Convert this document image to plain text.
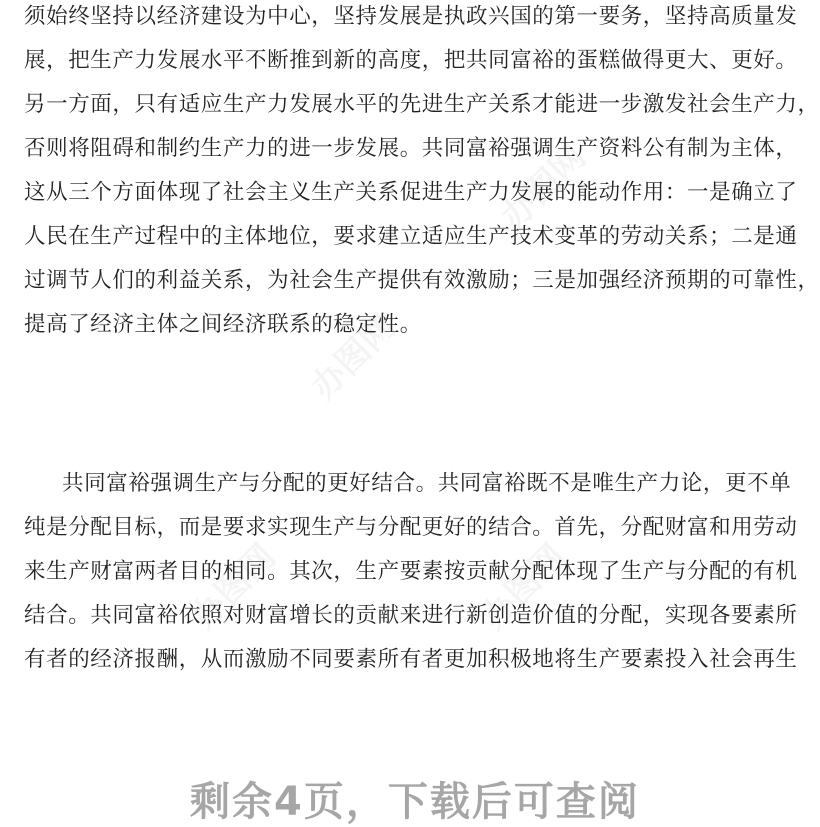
须始终坚持以经济建设为中心，坚持发展是执政兴国的第一要务，坚持高质量发
展，把生产力发展水平不断推到新的高度，把共同富裕的蛋糕做得更大、更好。
另一方面，只有适应生产力发展水平的先进生产关系才能进一步激发社会生产力，
否则将阻碍和制约生产力的进一步发展。共同富裕强调生产资料公有制为主体，
这从三个方面体现了社会主义生产关系促进生产力发展的能动作用：一是确立了
人民在生产过程中的主体地位，要求建立适应生产技术变革的劳动关系；二是通
过调节人们的利益关系，为社会生产提供有效激励；三是加强经济预期的可靠性，
提高了经济主体之间经济联系的稳定性。
共同富裕强调生产与分配的更好结合。共同富裕既不是唯生产力论，更不单
纯是分配目标，而是要求实现生产与分配更好的结合。首先，分配财富和用劳动
来生产财富两者目的相同。其次，生产要素按贡献分配体现了生产与分配的有机
结合。共同富裕依照对财富增长的贡献来进行新创造价值的分配，实现各要素所
有者的经济报酬，从而激励不同要素所有者更加积极地将生产要素投入社会再生
剩余4页，下载后可查阅
